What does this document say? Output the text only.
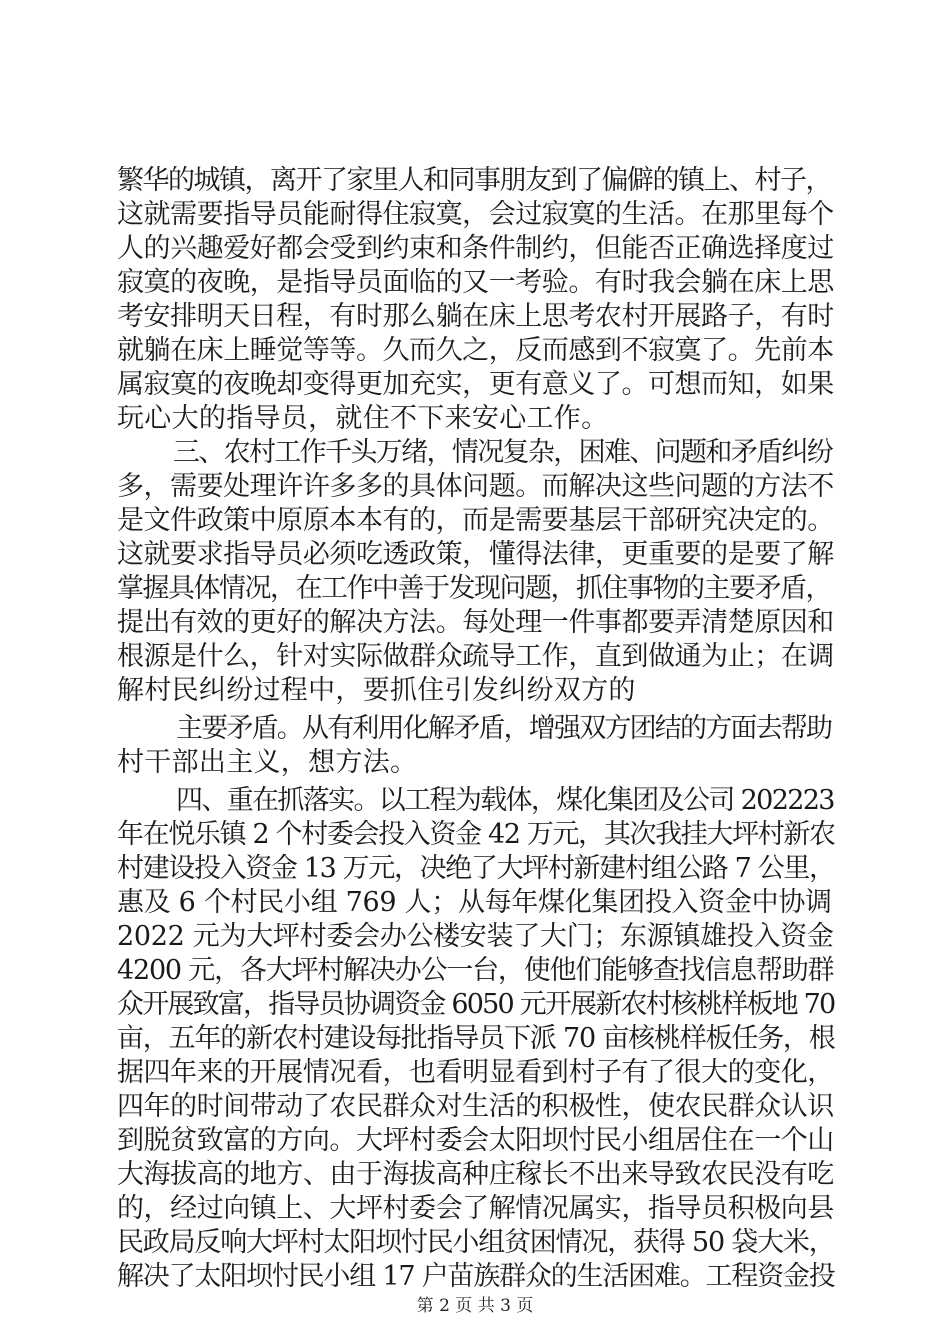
繁华的城镇，离开了家里人和同事朋友到了偏僻的镇上、村子，
这就需要指导员能耐得住寂寞，会过寂寞的生活。在那里每个
人的兴趣爱好都会受到约束和条件制约，但能否正确选择度过
寂寞的夜晚，是指导员面临的又一考验。有时我会躺在床上思
考安排明天日程，有时那么躺在床上思考农村开展路子，有时
就躺在床上睡觉等等。久而久之，反而感到不寂寞了。先前本
属寂寞的夜晚却变得更加充实，更有意义了。可想而知，如果
玩心大的指导员，就住不下来安心工作。
三、农村工作千头万绪，情况复杂，困难、问题和矛盾纠纷
多，需要处理许许多多的具体问题。而解决这些问题的方法不
是文件政策中原原本本有的，而是需要基层干部研究决定的。
这就要求指导员必须吃透政策，懂得法律，更重要的是要了解
掌握具体情况，在工作中善于发现问题，抓住事物的主要矛盾，
提出有效的更好的解决方法。每处理一件事都要弄清楚原因和
根源是什么，针对实际做群众疏导工作，直到做通为止；在调
解村民纠纷过程中，要抓住引发纠纷双方的
主要矛盾。从有利用化解矛盾，增强双方团结的方面去帮助
村干部出主义，想方法。
四、重在抓落实。以工程为载体，煤化集团及公司 202223
年在悦乐镇 2 个村委会投入资金 42 万元，其次我挂大坪村新农
村建设投入资金 13 万元，决绝了大坪村新建村组公路 7 公里，
惠及 6 个村民小组 769 人；从每年煤化集团投入资金中协调
2022 元为大坪村委会办公楼安装了大门；东源镇雄投入资金
4200 元，各大坪村解决办公一台，使他们能够查找信息帮助群
众开展致富，指导员协调资金 6050 元开展新农村核桃样板地 70
亩，五年的新农村建设每批指导员下派 70 亩核桃样板任务，根
据四年来的开展情况看，也看明显看到村子有了很大的变化，
四年的时间带动了农民群众对生活的积极性，使农民群众认识
到脱贫致富的方向。大坪村委会太阳坝忖民小组居住在一个山
大海拔高的地方、由于海拔高种庄稼长不出来导致农民没有吃
的，经过向镇上、大坪村委会了解情况属实，指导员积极向县
民政局反响大坪村太阳坝忖民小组贫困情况，获得 50 袋大米，
解决了太阳坝忖民小组 17 户苗族群众的生活困难。工程资金投
第 2 页 共 3 页
